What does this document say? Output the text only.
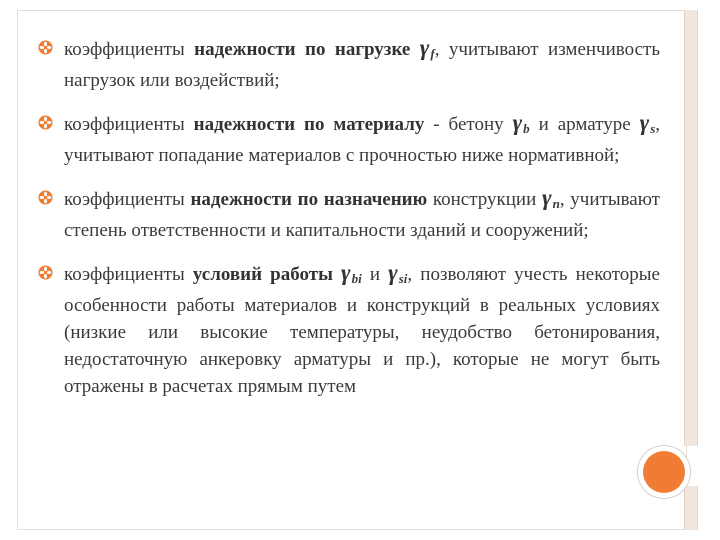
коэффициенты надежности по нагрузке $\gamma_f$, учитывают изменчивость нагрузок или воздействий;
коэффициенты надежности по материалу - бетону $\gamma_b$ и арматуре $\gamma_s$, учитывают попадание материалов с прочностью ниже нормативной;
коэффициенты надежности по назначению конструкции $\gamma_n$, учитывают степень ответственности и капитальности зданий и сооружений;
коэффициенты условий работы $\gamma_{bi}$ и $\gamma_{si}$, позволяют учесть некоторые особенности работы материалов и конструкций в реальных условиях (низкие или высокие температуры, неудобство бетонирования, недостаточную анкеровку арматуры и пр.), которые не могут быть отражены в расчетах прямым путем
